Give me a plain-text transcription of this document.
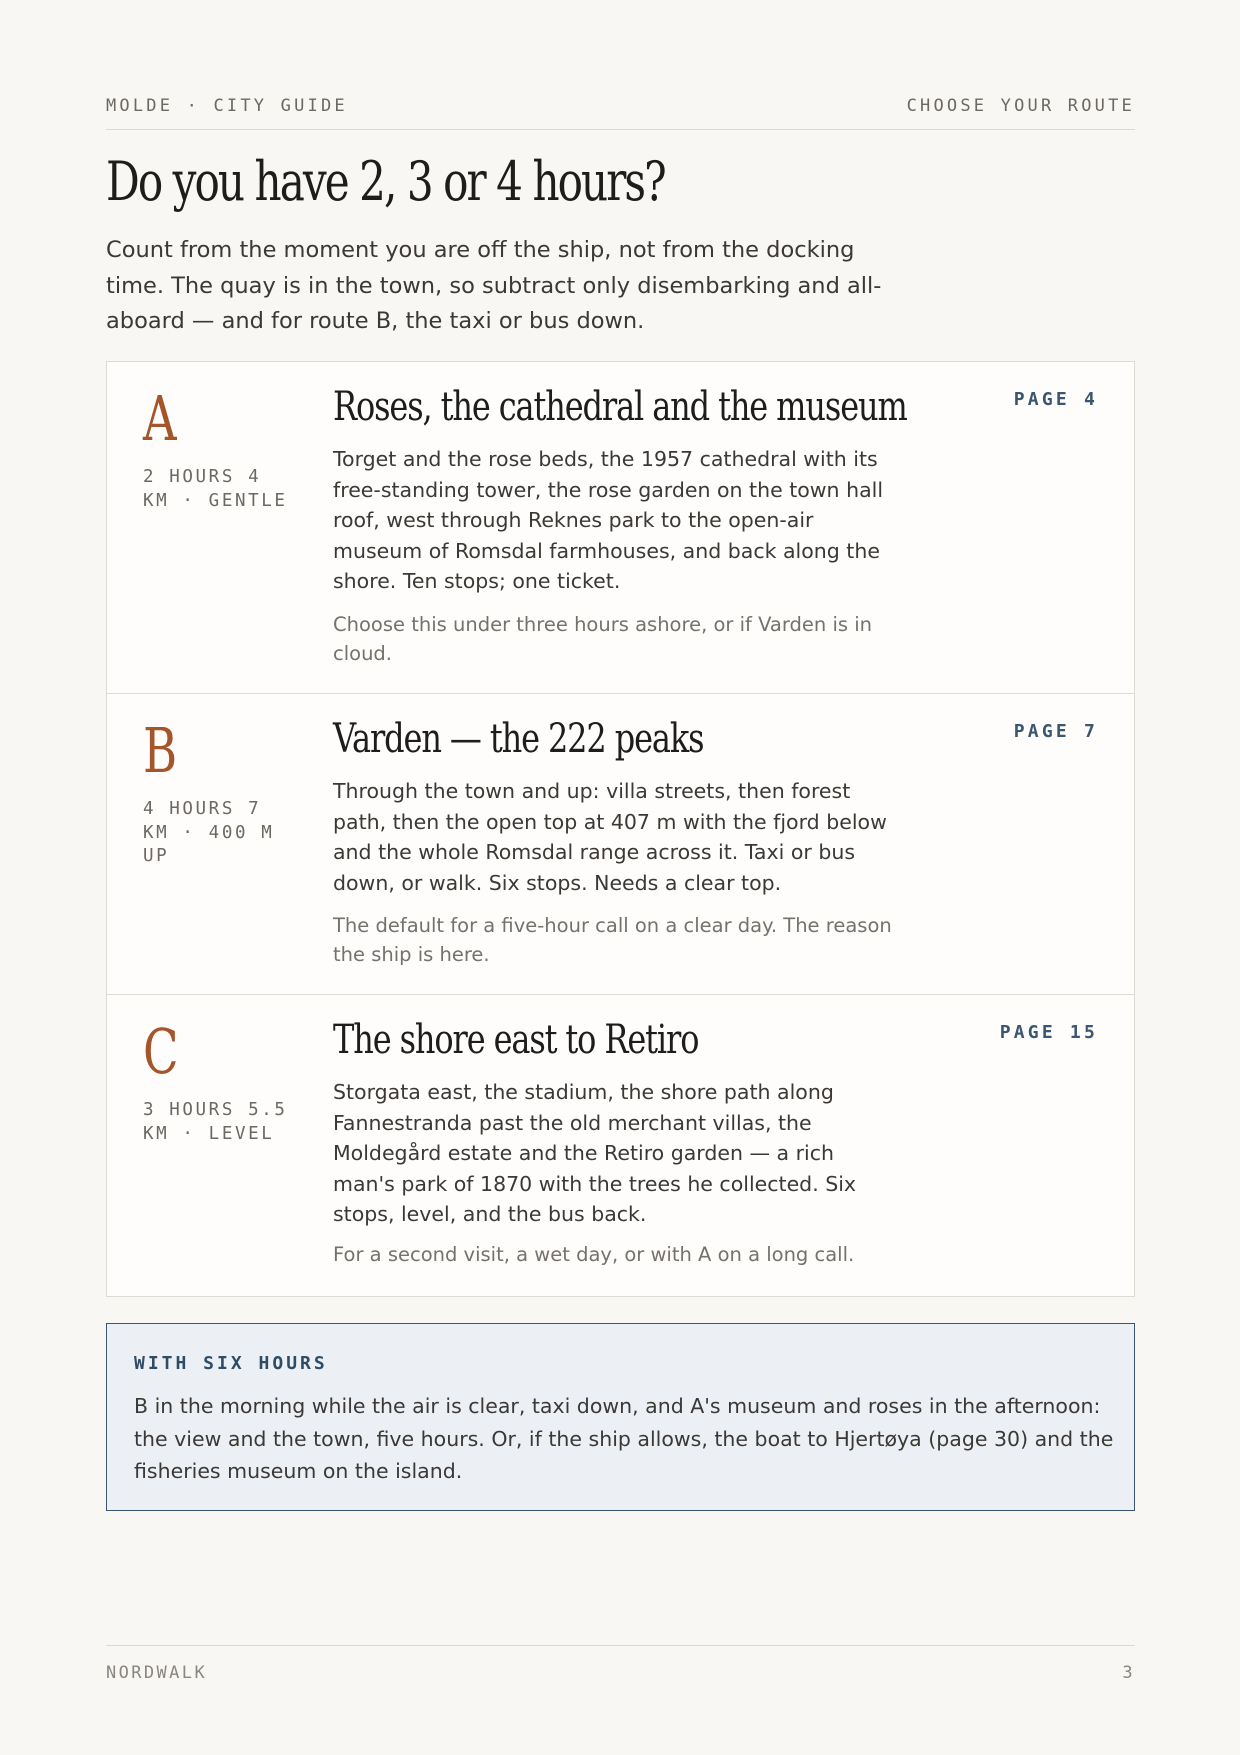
MOLDE · CITY GUIDE	CHOOSE YOUR ROUTE
Do you have 2, 3 or 4 hours?

Count from the moment you are off the ship, not from the docking time. The quay is in the town, so subtract only disembarking and all-aboard — and for route B, the taxi or bus down.

A
2 HOURS 4 KM · GENTLE
Roses, the cathedral and the museum

Torget and the rose beds, the 1957 cathedral with its free-standing tower, the rose garden on the town hall roof, west through Reknes park to the open-air museum of Romsdal farmhouses, and back along the shore. Ten stops; one ticket.

Choose this under three hours ashore, or if Varden is in cloud.

PAGE 4
B
4 HOURS 7 KM · 400 M UP
Varden — the 222 peaks

Through the town and up: villa streets, then forest path, then the open top at 407 m with the fjord below and the whole Romsdal range across it. Taxi or bus down, or walk. Six stops. Needs a clear top.

The default for a five-hour call on a clear day. The reason the ship is here.

PAGE 7
C
3 HOURS 5.5 KM · LEVEL
The shore east to Retiro

Storgata east, the stadium, the shore path along Fannestranda past the old merchant villas, the Moldegård estate and the Retiro garden — a rich man's park of 1870 with the trees he collected. Six stops, level, and the bus back.

For a second visit, a wet day, or with A on a long call.

PAGE 15
WITH SIX HOURS

B in the morning while the air is clear, taxi down, and A's museum and roses in the afternoon: the view and the town, five hours. Or, if the ship allows, the boat to Hjertøya (page 30) and the fisheries museum on the island.

NORDWALK	3
